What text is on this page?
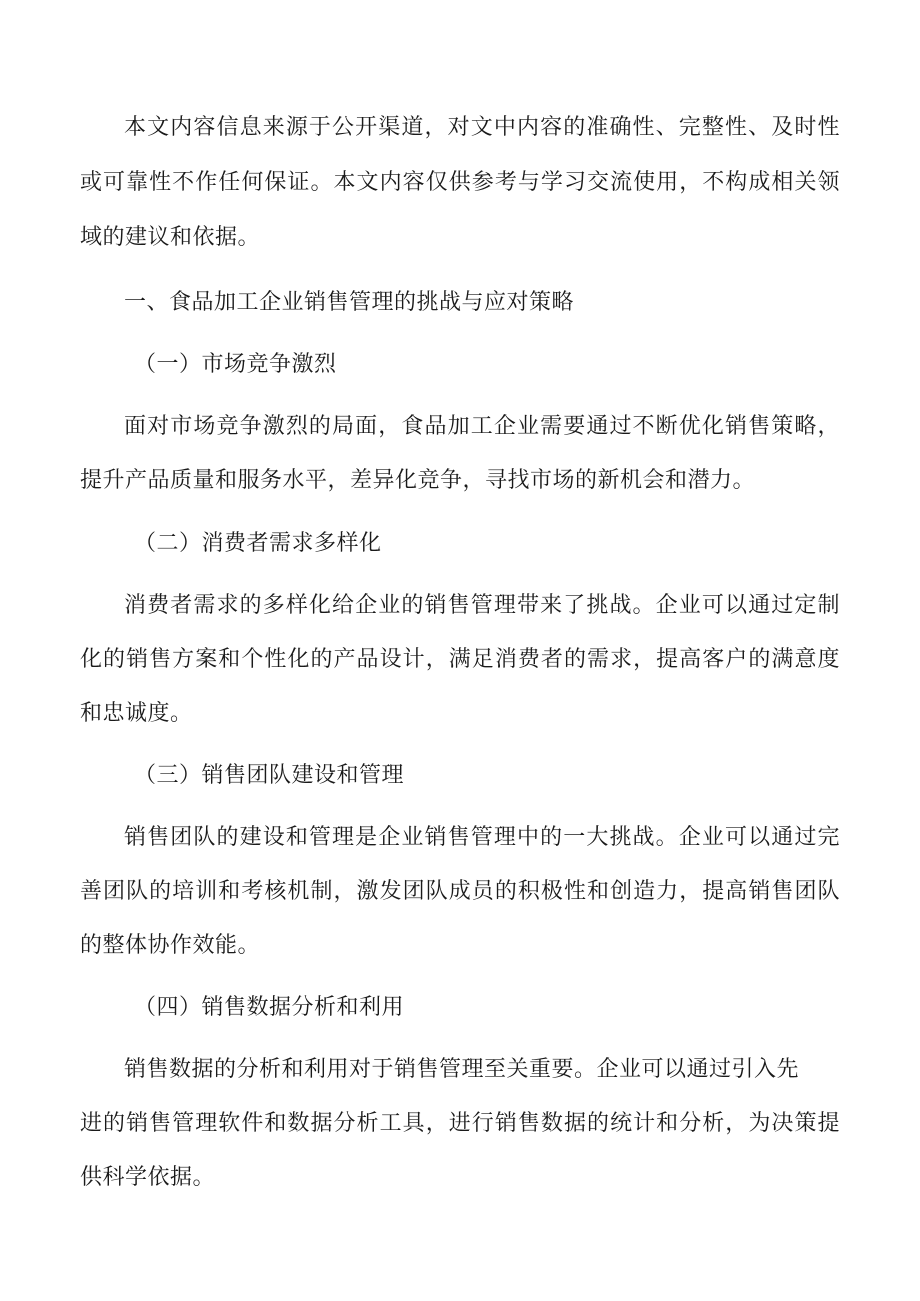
本文内容信息来源于公开渠道，对文中内容的准确性、完整性、及时性
或可靠性不作任何保证。本文内容仅供参考与学习交流使用，不构成相关领
域的建议和依据。
一、食品加工企业销售管理的挑战与应对策略
（一）市场竞争激烈
面对市场竞争激烈的局面，食品加工企业需要通过不断优化销售策略，
提升产品质量和服务水平，差异化竞争，寻找市场的新机会和潜力。
（二）消费者需求多样化
消费者需求的多样化给企业的销售管理带来了挑战。企业可以通过定制
化的销售方案和个性化的产品设计，满足消费者的需求，提高客户的满意度
和忠诚度。
（三）销售团队建设和管理
销售团队的建设和管理是企业销售管理中的一大挑战。企业可以通过完
善团队的培训和考核机制，激发团队成员的积极性和创造力，提高销售团队
的整体协作效能。
（四）销售数据分析和利用
销售数据的分析和利用对于销售管理至关重要。企业可以通过引入先
进的销售管理软件和数据分析工具，进行销售数据的统计和分析，为决策提
供科学依据。
